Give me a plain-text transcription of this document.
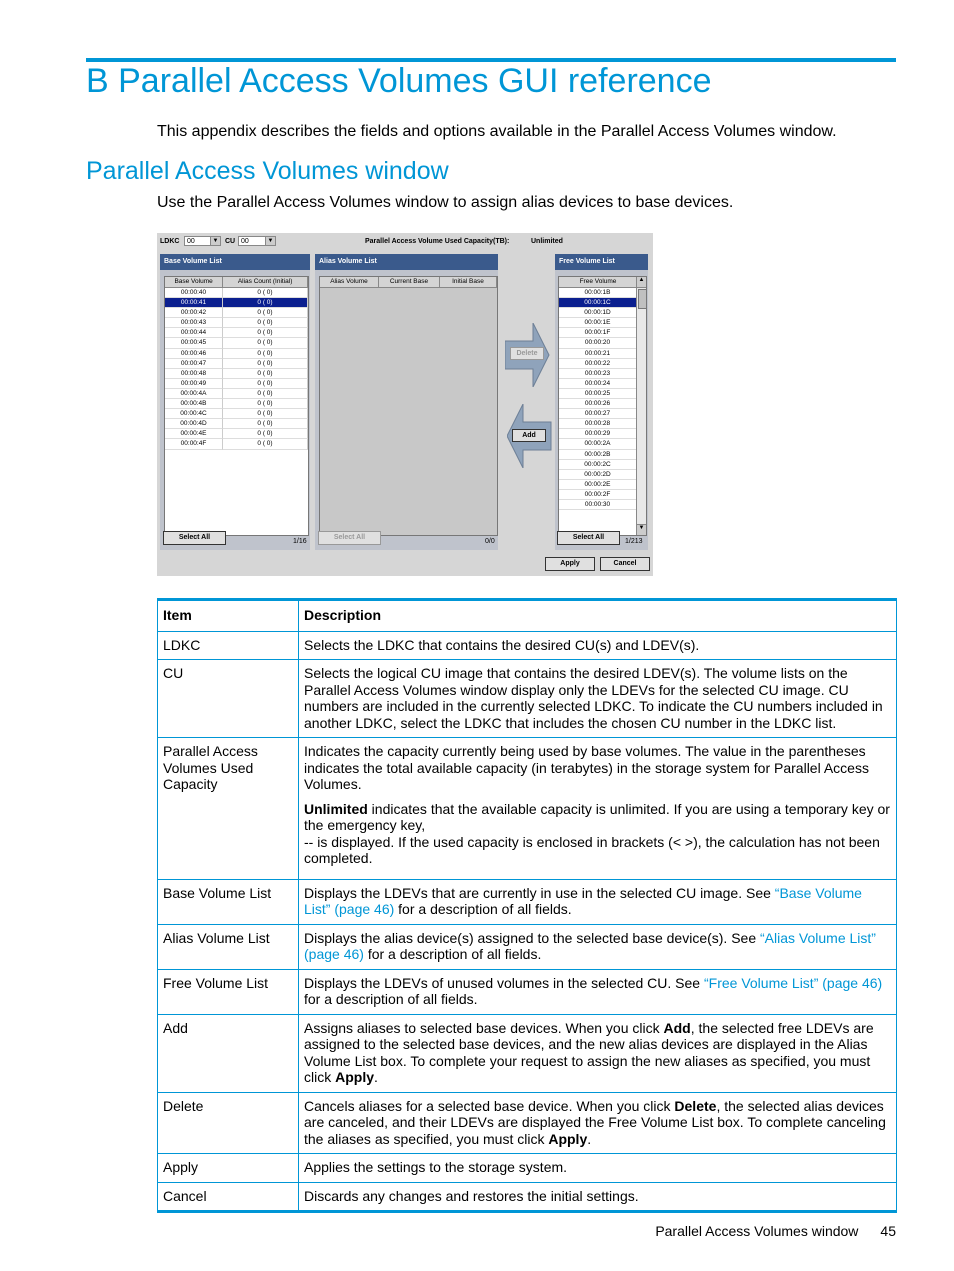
B Parallel Access Volumes GUI reference
This appendix describes the fields and options available in the Parallel Access Volumes window.
Parallel Access Volumes window
Use the Parallel Access Volumes window to assign alias devices to base devices.
LDKC	00	▼ CU 00	▼	Parallel Access Volume Used Capacity(TB):	Unlimited
Base Volume List
Base Volume	Alias Count (Initial)
00:00:40	0 ( 0)
00:00:41	0 ( 0)
00:00:42	0 ( 0)
00:00:43	0 ( 0)
00:00:44	0 ( 0)
00:00:45	0 ( 0)
00:00:46	0 ( 0)
00:00:47	0 ( 0)
00:00:48	0 ( 0)
00:00:49	0 ( 0)
00:00:4A	0 ( 0)
00:00:4B	0 ( 0)
00:00:4C	0 ( 0)
00:00:4D	0 ( 0)
00:00:4E	0 ( 0)
00:00:4F	0 ( 0)
1/16
Select All
Alias Volume List
Alias Volume	Current Base	Initial Base
0/0
Select All
Delete
Add
Free Volume List
Free Volume
00:00:1B
00:00:1C
00:00:1D
00:00:1E
00:00:1F
00:00:20
00:00:21
00:00:22
00:00:23
00:00:24
00:00:25
00:00:26
00:00:27
00:00:28
00:00:29
00:00:2A
00:00:2B
00:00:2C
00:00:2D
00:00:2E
00:00:2F
00:00:30
▲
▼
1/213
Select All
Apply	Cancel
Item	Description
LDKC	Selects the LDKC that contains the desired CU(s) and LDEV(s).
CU	Selects the logical CU image that contains the desired LDEV(s). The volume lists on the Parallel Access Volumes window display only the LDEVs for the selected CU image. CU numbers are included in the currently selected LDKC. To indicate the CU numbers included in another LDKC, select the LDKC that includes the chosen CU number in the LDKC list.
Parallel Access Volumes Used Capacity	Indicates the capacity currently being used by base volumes. The value in the parentheses indicates the total available capacity (in terabytes) in the storage system for Parallel Access Volumes.
Unlimited indicates that the available capacity is unlimited. If you are using a temporary key or the emergency key,
-- is displayed. If the used capacity is enclosed in brackets (< >), the calculation has not been completed.

Base Volume List	Displays the LDEVs that are currently in use in the selected CU image. See “Base Volume List” (page 46) for a description of all fields.
Alias Volume List	Displays the alias device(s) assigned to the selected base device(s). See “Alias Volume List” (page 46) for a description of all fields.
Free Volume List	Displays the LDEVs of unused volumes in the selected CU. See “Free Volume List” (page 46) for a description of all fields.
Add	Assigns aliases to selected base devices. When you click Add, the selected free LDEVs are assigned to the selected base devices, and the new alias devices are displayed in the Alias Volume List box. To complete your request to assign the new aliases as specified, you must click Apply.
Delete	Cancels aliases for a selected base device. When you click Delete, the selected alias devices are canceled, and their LDEVs are displayed the Free Volume List box. To complete canceling the aliases as specified, you must click Apply.
Apply	Applies the settings to the storage system.
Cancel	Discards any changes and restores the initial settings.
Parallel Access Volumes window 45
